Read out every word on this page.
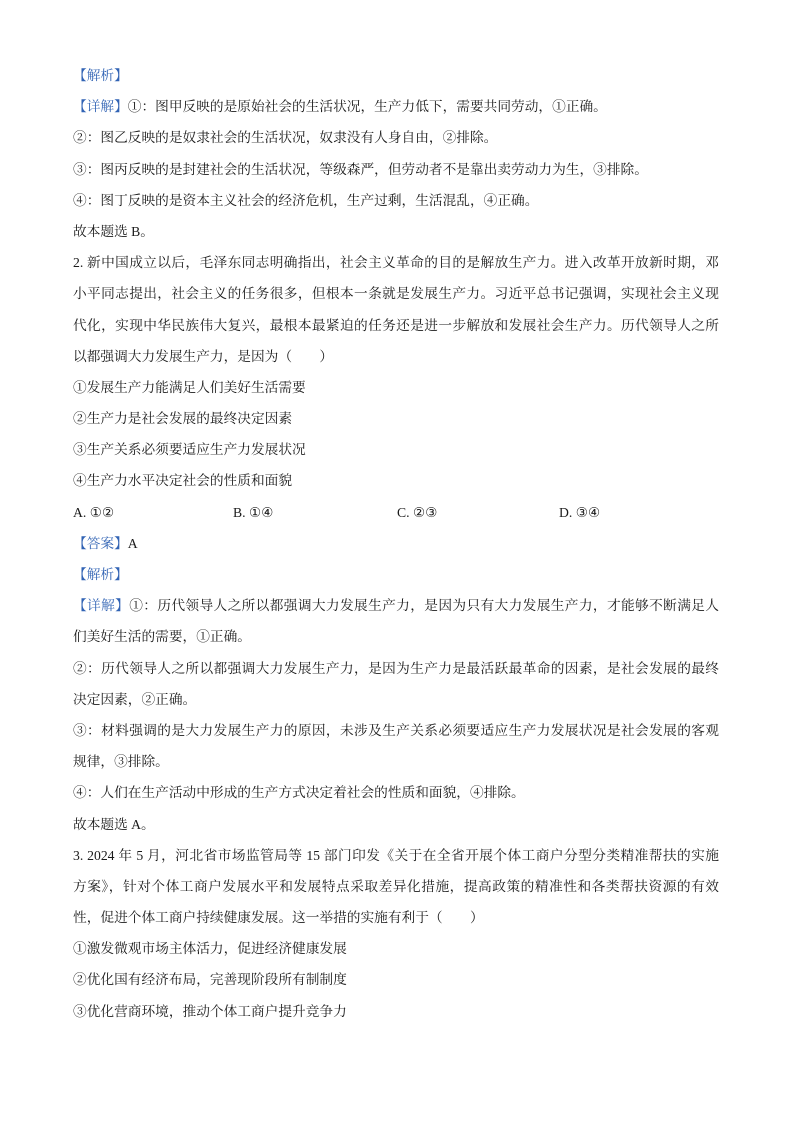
【解析】
【详解】①：图甲反映的是原始社会的生活状况，生产力低下，需要共同劳动，①正确。
②：图乙反映的是奴隶社会的生活状况，奴隶没有人身自由，②排除。
③：图丙反映的是封建社会的生活状况，等级森严，但劳动者不是靠出卖劳动力为生，③排除。
④：图丁反映的是资本主义社会的经济危机，生产过剩，生活混乱，④正确。
故本题选 B。
2. 新中国成立以后，毛泽东同志明确指出，社会主义革命的目的是解放生产力。进入改革开放新时期，邓
小平同志提出，社会主义的任务很多，但根本一条就是发展生产力。习近平总书记强调，实现社会主义现
代化，实现中华民族伟大复兴，最根本最紧迫的任务还是进一步解放和发展社会生产力。历代领导人之所
以都强调大力发展生产力，是因为（　　）
①发展生产力能满足人们美好生活需要
②生产力是社会发展的最终决定因素
③生产关系必须要适应生产力发展状况
④生产力水平决定社会的性质和面貌
A. ①②	B. ①④	C. ②③	D. ③④
【答案】A
【解析】
【详解】①：历代领导人之所以都强调大力发展生产力，是因为只有大力发展生产力，才能够不断满足人
们美好生活的需要，①正确。
②：历代领导人之所以都强调大力发展生产力，是因为生产力是最活跃最革命的因素，是社会发展的最终
决定因素，②正确。
③：材料强调的是大力发展生产力的原因，未涉及生产关系必须要适应生产力发展状况是社会发展的客观
规律，③排除。
④：人们在生产活动中形成的生产方式决定着社会的性质和面貌，④排除。
故本题选 A。
3. 2024 年 5 月，河北省市场监管局等 15 部门印发《关于在全省开展个体工商户分型分类精准帮扶的实施
方案》，针对个体工商户发展水平和发展特点采取差异化措施，提高政策的精准性和各类帮扶资源的有效
性，促进个体工商户持续健康发展。这一举措的实施有利于（　　）
①激发微观市场主体活力，促进经济健康发展
②优化国有经济布局，完善现阶段所有制制度
③优化营商环境，推动个体工商户提升竞争力
